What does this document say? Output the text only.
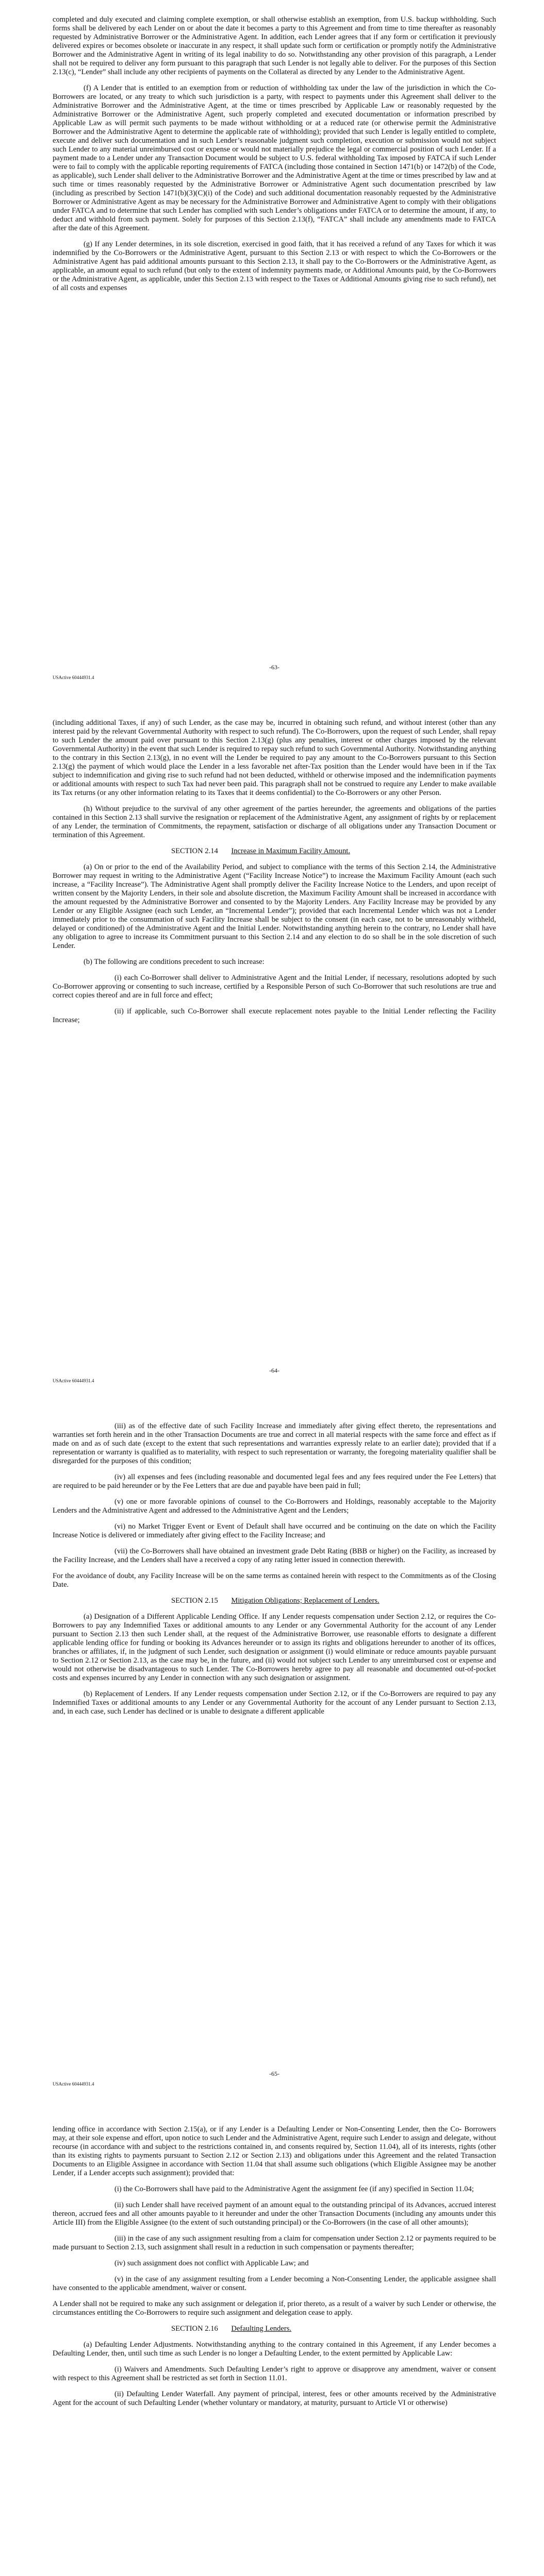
completed and duly executed and claiming complete exemption, or shall otherwise establish an exemption, from U.S. backup withholding. Such forms shall be delivered by each Lender on or about the date it becomes a party to this Agreement and from time to time thereafter as reasonably requested by Administrative Borrower or the Administrative Agent. In addition, each Lender agrees that if any form or certification it previously delivered expires or becomes obsolete or inaccurate in any respect, it shall update such form or certification or promptly notify the Administrative Borrower and the Administrative Agent in writing of its legal inability to do so. Notwithstanding any other provision of this paragraph, a Lender shall not be required to deliver any form pursuant to this paragraph that such Lender is not legally able to deliver. For the purposes of this Section 2.13(c), “Lender” shall include any other recipients of payments on the Collateral as directed by any Lender to the Administrative Agent.

(f) A Lender that is entitled to an exemption from or reduction of withholding tax under the law of the jurisdiction in which the Co-Borrowers are located, or any treaty to which such jurisdiction is a party, with respect to payments under this Agreement shall deliver to the Administrative Borrower and the Administrative Agent, at the time or times prescribed by Applicable Law or reasonably requested by the Administrative Borrower or the Administrative Agent, such properly completed and executed documentation or information prescribed by Applicable Law as will permit such payments to be made without withholding or at a reduced rate (or otherwise permit the Administrative Borrower and the Administrative Agent to determine the applicable rate of withholding); provided that such Lender is legally entitled to complete, execute and deliver such documentation and in such Lender’s reasonable judgment such completion, execution or submission would not subject such Lender to any material unreimbursed cost or expense or would not materially prejudice the legal or commercial position of such Lender. If a payment made to a Lender under any Transaction Document would be subject to U.S. federal withholding Tax imposed by FATCA if such Lender were to fail to comply with the applicable reporting requirements of FATCA (including those contained in Section 1471(b) or 1472(b) of the Code, as applicable), such Lender shall deliver to the Administrative Borrower and the Administrative Agent at the time or times prescribed by law and at such time or times reasonably requested by the Administrative Borrower or Administrative Agent such documentation prescribed by law (including as prescribed by Section 1471(b)(3)(C)(i) of the Code) and such additional documentation reasonably requested by the Administrative Borrower or Administrative Agent as may be necessary for the Administrative Borrower and Administrative Agent to comply with their obligations under FATCA and to determine that such Lender has complied with such Lender’s obligations under FATCA or to determine the amount, if any, to deduct and withhold from such payment. Solely for purposes of this Section 2.13(f), “FATCA” shall include any amendments made to FATCA after the date of this Agreement.

(g) If any Lender determines, in its sole discretion, exercised in good faith, that it has received a refund of any Taxes for which it was indemnified by the Co-Borrowers or the Administrative Agent, pursuant to this Section 2.13 or with respect to which the Co-Borrowers or the Administrative Agent has paid additional amounts pursuant to this Section 2.13, it shall pay to the Co-Borrowers or the Administrative Agent, as applicable, an amount equal to such refund (but only to the extent of indemnity payments made, or Additional Amounts paid, by the Co-Borrowers or the Administrative Agent, as applicable, under this Section 2.13 with respect to the Taxes or Additional Amounts giving rise to such refund), net of all costs and expenses

-63-
USActive 60444931.4

(including additional Taxes, if any) of such Lender, as the case may be, incurred in obtaining such refund, and without interest (other than any interest paid by the relevant Governmental Authority with respect to such refund). The Co-Borrowers, upon the request of such Lender, shall repay to such Lender the amount paid over pursuant to this Section 2.13(g) (plus any penalties, interest or other charges imposed by the relevant Governmental Authority) in the event that such Lender is required to repay such refund to such Governmental Authority. Notwithstanding anything to the contrary in this Section 2.13(g), in no event will the Lender be required to pay any amount to the Co-Borrowers pursuant to this Section 2.13(g) the payment of which would place the Lender in a less favorable net after-Tax position than the Lender would have been in if the Tax subject to indemnification and giving rise to such refund had not been deducted, withheld or otherwise imposed and the indemnification payments or additional amounts with respect to such Tax had never been paid. This paragraph shall not be construed to require any Lender to make available its Tax returns (or any other information relating to its Taxes that it deems confidential) to the Co-Borrowers or any other Person.

(h) Without prejudice to the survival of any other agreement of the parties hereunder, the agreements and obligations of the parties contained in this Section 2.13 shall survive the resignation or replacement of the Administrative Agent, any assignment of rights by or replacement of any Lender, the termination of Commitments, the repayment, satisfaction or discharge of all obligations under any Transaction Document or termination of this Agreement.

SECTION 2.14 Increase in Maximum Facility Amount.

(a) On or prior to the end of the Availability Period, and subject to compliance with the terms of this Section 2.14, the Administrative Borrower may request in writing to the Administrative Agent (“Facility Increase Notice”) to increase the Maximum Facility Amount (each such increase, a “Facility Increase”). The Administrative Agent shall promptly deliver the Facility Increase Notice to the Lenders, and upon receipt of written consent by the Majority Lenders, in their sole and absolute discretion, the Maximum Facility Amount shall be increased in accordance with the amount requested by the Administrative Borrower and consented to by the Majority Lenders. Any Facility Increase may be provided by any Lender or any Eligible Assignee (each such Lender, an “Incremental Lender”); provided that each Incremental Lender which was not a Lender immediately prior to the consummation of such Facility Increase shall be subject to the consent (in each case, not to be unreasonably withheld, delayed or conditioned) of the Administrative Agent and the Initial Lender. Notwithstanding anything herein to the contrary, no Lender shall have any obligation to agree to increase its Commitment pursuant to this Section 2.14 and any election to do so shall be in the sole discretion of such Lender.

(b) The following are conditions precedent to such increase:

(i) each Co-Borrower shall deliver to Administrative Agent and the Initial Lender, if necessary, resolutions adopted by such Co-Borrower approving or consenting to such increase, certified by a Responsible Person of such Co-Borrower that such resolutions are true and correct copies thereof and are in full force and effect;

(ii) if applicable, such Co-Borrower shall execute replacement notes payable to the Initial Lender reflecting the Facility Increase;

-64-
USActive 60444931.4

(iii) as of the effective date of such Facility Increase and immediately after giving effect thereto, the representations and warranties set forth herein and in the other Transaction Documents are true and correct in all material respects with the same force and effect as if made on and as of such date (except to the extent that such representations and warranties expressly relate to an earlier date); provided that if a representation or warranty is qualified as to materiality, with respect to such representation or warranty, the foregoing materiality qualifier shall be disregarded for the purposes of this condition;

(iv) all expenses and fees (including reasonable and documented legal fees and any fees required under the Fee Letters) that are required to be paid hereunder or by the Fee Letters that are due and payable have been paid in full;

(v) one or more favorable opinions of counsel to the Co-Borrowers and Holdings, reasonably acceptable to the Majority Lenders and the Administrative Agent and addressed to the Administrative Agent and the Lenders;

(vi) no Market Trigger Event or Event of Default shall have occurred and be continuing on the date on which the Facility Increase Notice is delivered or immediately after giving effect to the Facility Increase; and

(vii) the Co-Borrowers shall have obtained an investment grade Debt Rating (BBB or higher) on the Facility, as increased by the Facility Increase, and the Lenders shall have a received a copy of any rating letter issued in connection therewith.

For the avoidance of doubt, any Facility Increase will be on the same terms as contained herein with respect to the Commitments as of the Closing Date.

SECTION 2.15 Mitigation Obligations; Replacement of Lenders.

(a) Designation of a Different Applicable Lending Office. If any Lender requests compensation under Section 2.12, or requires the Co-Borrowers to pay any Indemnified Taxes or additional amounts to any Lender or any Governmental Authority for the account of any Lender pursuant to Section 2.13 then such Lender shall, at the request of the Administrative Borrower, use reasonable efforts to designate a different applicable lending office for funding or booking its Advances hereunder or to assign its rights and obligations hereunder to another of its offices, branches or affiliates, if, in the judgment of such Lender, such designation or assignment (i) would eliminate or reduce amounts payable pursuant to Section 2.12 or Section 2.13, as the case may be, in the future, and (ii) would not subject such Lender to any unreimbursed cost or expense and would not otherwise be disadvantageous to such Lender. The Co-Borrowers hereby agree to pay all reasonable and documented out-of-pocket costs and expenses incurred by any Lender in connection with any such designation or assignment.

(b) Replacement of Lenders. If any Lender requests compensation under Section 2.12, or if the Co-Borrowers are required to pay any Indemnified Taxes or additional amounts to any Lender or any Governmental Authority for the account of any Lender pursuant to Section 2.13, and, in each case, such Lender has declined or is unable to designate a different applicable

-65-
USActive 60444931.4

lending office in accordance with Section 2.15(a), or if any Lender is a Defaulting Lender or Non-Consenting Lender, then the Co- Borrowers may, at their sole expense and effort, upon notice to such Lender and the Administrative Agent, require such Lender to assign and delegate, without recourse (in accordance with and subject to the restrictions contained in, and consents required by, Section 11.04), all of its interests, rights (other than its existing rights to payments pursuant to Section 2.12 or Section 2.13) and obligations under this Agreement and the related Transaction Documents to an Eligible Assignee in accordance with Section 11.04 that shall assume such obligations (which Eligible Assignee may be another Lender, if a Lender accepts such assignment); provided that:

(i) the Co-Borrowers shall have paid to the Administrative Agent the assignment fee (if any) specified in Section 11.04;

(ii) such Lender shall have received payment of an amount equal to the outstanding principal of its Advances, accrued interest thereon, accrued fees and all other amounts payable to it hereunder and under the other Transaction Documents (including any amounts under this Article III) from the Eligible Assignee (to the extent of such outstanding principal) or the Co-Borrowers (in the case of all other amounts);

(iii) in the case of any such assignment resulting from a claim for compensation under Section 2.12 or payments required to be made pursuant to Section 2.13, such assignment shall result in a reduction in such compensation or payments thereafter;

(iv) such assignment does not conflict with Applicable Law; and

(v) in the case of any assignment resulting from a Lender becoming a Non-Consenting Lender, the applicable assignee shall have consented to the applicable amendment, waiver or consent.

A Lender shall not be required to make any such assignment or delegation if, prior thereto, as a result of a waiver by such Lender or otherwise, the circumstances entitling the Co-Borrowers to require such assignment and delegation cease to apply.

SECTION 2.16 Defaulting Lenders.

(a) Defaulting Lender Adjustments. Notwithstanding anything to the contrary contained in this Agreement, if any Lender becomes a Defaulting Lender, then, until such time as such Lender is no longer a Defaulting Lender, to the extent permitted by Applicable Law:

(i) Waivers and Amendments. Such Defaulting Lender’s right to approve or disapprove any amendment, waiver or consent with respect to this Agreement shall be restricted as set forth in Section 11.01.

(ii) Defaulting Lender Waterfall. Any payment of principal, interest, fees or other amounts received by the Administrative Agent for the account of such Defaulting Lender (whether voluntary or mandatory, at maturity, pursuant to Article VI or otherwise)
